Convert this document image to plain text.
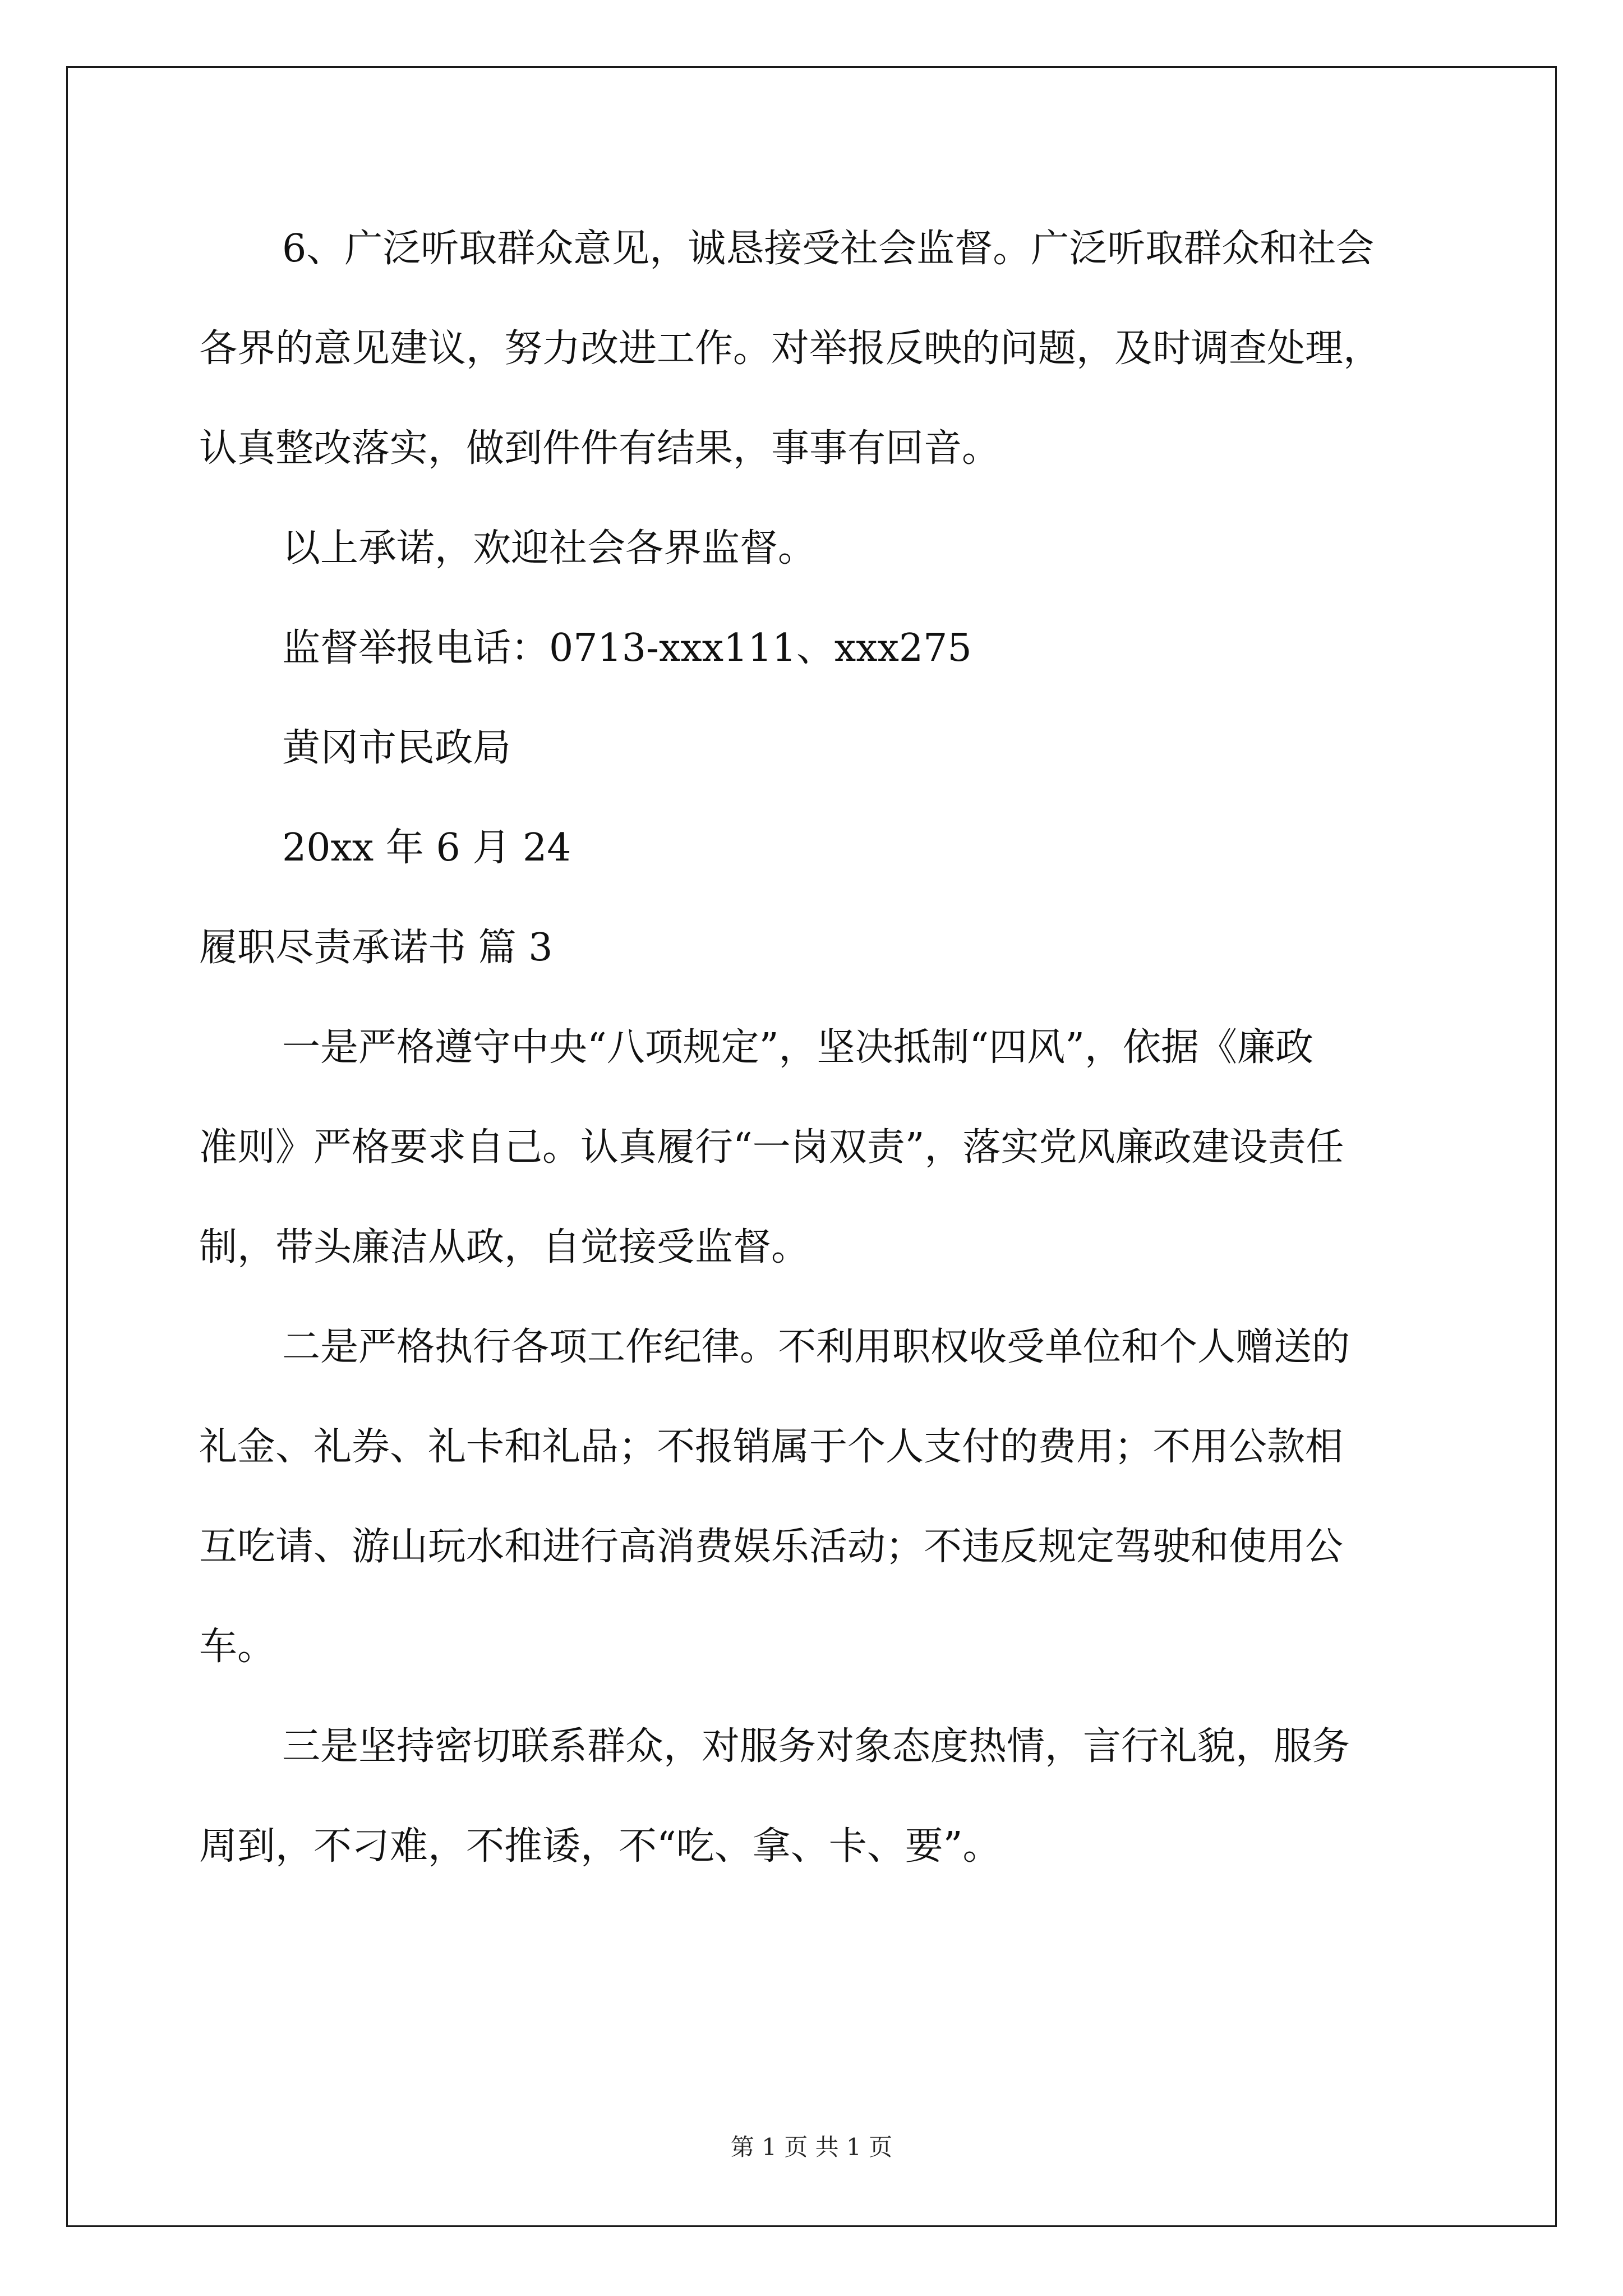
6、广泛听取群众意见，诚恳接受社会监督。广泛听取群众和社会

各界的意见建议，努力改进工作。对举报反映的问题，及时调查处理，

认真整改落实，做到件件有结果，事事有回音。

以上承诺，欢迎社会各界监督。

监督举报电话：0713-xxx111、xxx275

黄冈市民政局

20xx 年 6 月 24

履职尽责承诺书 篇 3

一是严格遵守中央“八项规定”，坚决抵制“四风”，依据《廉政

准则》严格要求自己。认真履行“一岗双责”，落实党风廉政建设责任

制，带头廉洁从政，自觉接受监督。

二是严格执行各项工作纪律。不利用职权收受单位和个人赠送的

礼金、礼券、礼卡和礼品；不报销属于个人支付的费用；不用公款相

互吃请、游山玩水和进行高消费娱乐活动；不违反规定驾驶和使用公

车。

三是坚持密切联系群众，对服务对象态度热情，言行礼貌，服务

周到，不刁难，不推诿，不“吃、拿、卡、要”。

第 1 页 共 1 页
